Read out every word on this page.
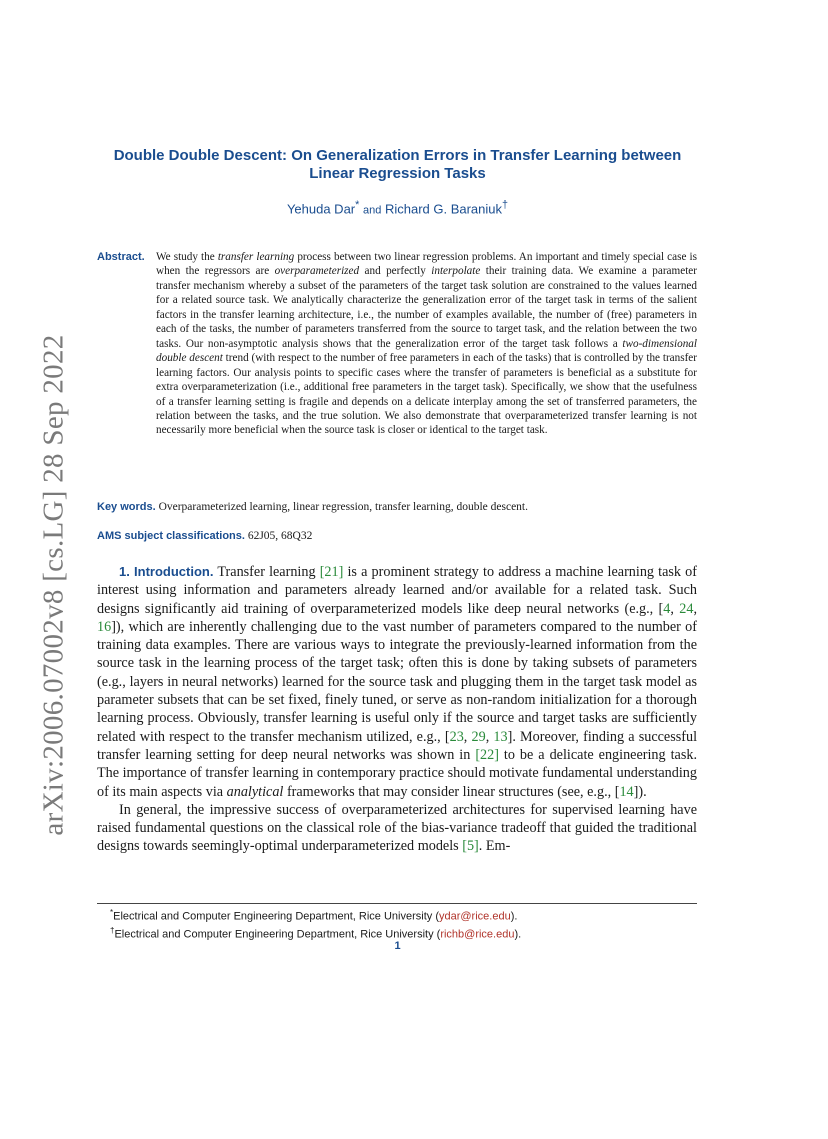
arXiv:2006.07002v8 [cs.LG] 28 Sep 2022
Double Double Descent: On Generalization Errors in Transfer Learning between
Linear Regression Tasks
Yehuda Dar* and Richard G. Baraniuk†
Abstract.	We study the transfer learning process between two linear regression problems. An important and timely special case is when the regressors are overparameterized and perfectly interpolate their training data. We examine a parameter transfer mechanism whereby a subset of the parameters of the target task solution are constrained to the values learned for a related source task. We analytically characterize the generalization error of the target task in terms of the salient factors in the transfer learning architecture, i.e., the number of examples available, the number of (free) parameters in each of the tasks, the number of parameters transferred from the source to target task, and the relation between the two tasks. Our non-asymptotic analysis shows that the generalization error of the target task follows a two-dimensional double descent trend (with respect to the number of free parameters in each of the tasks) that is controlled by the transfer learning factors. Our analysis points to specific cases where the transfer of parameters is beneficial as a substitute for extra overparameterization (i.e., additional free parameters in the target task). Specifically, we show that the usefulness of a transfer learning setting is fragile and depends on a delicate interplay among the set of transferred parameters, the relation between the tasks, and the true solution. We also demonstrate that overparameterized transfer learning is not necessarily more beneficial when the source task is closer or identical to the target task.
Key words. Overparameterized learning, linear regression, transfer learning, double descent.
AMS subject classifications. 62J05, 68Q32

1. Introduction. Transfer learning [21] is a prominent strategy to address a machine learning task of interest using information and parameters already learned and/or available for a related task. Such designs significantly aid training of overparameterized models like deep neural networks (e.g., [4, 24, 16]), which are inherently challenging due to the vast number of parameters compared to the number of training data examples. There are various ways to integrate the previously-learned information from the source task in the learning process of the target task; often this is done by taking subsets of parameters (e.g., layers in neural networks) learned for the source task and plugging them in the target task model as parameter subsets that can be set fixed, finely tuned, or serve as non-random initialization for a thorough learning process. Obviously, transfer learning is useful only if the source and target tasks are sufficiently related with respect to the transfer mechanism utilized, e.g., [23, 29, 13]. Moreover, finding a successful transfer learning setting for deep neural networks was shown in [22] to be a delicate engineering task. The importance of transfer learning in contemporary practice should motivate fundamental understanding of its main aspects via analytical frameworks that may consider linear structures (see, e.g., [14]).

In general, the impressive success of overparameterized architectures for supervised learning have raised fundamental questions on the classical role of the bias-variance tradeoff that guided the traditional designs towards seemingly-optimal underparameterized models [5]. Em-

*Electrical and Computer Engineering Department, Rice University (ydar@rice.edu).
†Electrical and Computer Engineering Department, Rice University (richb@rice.edu).
1
